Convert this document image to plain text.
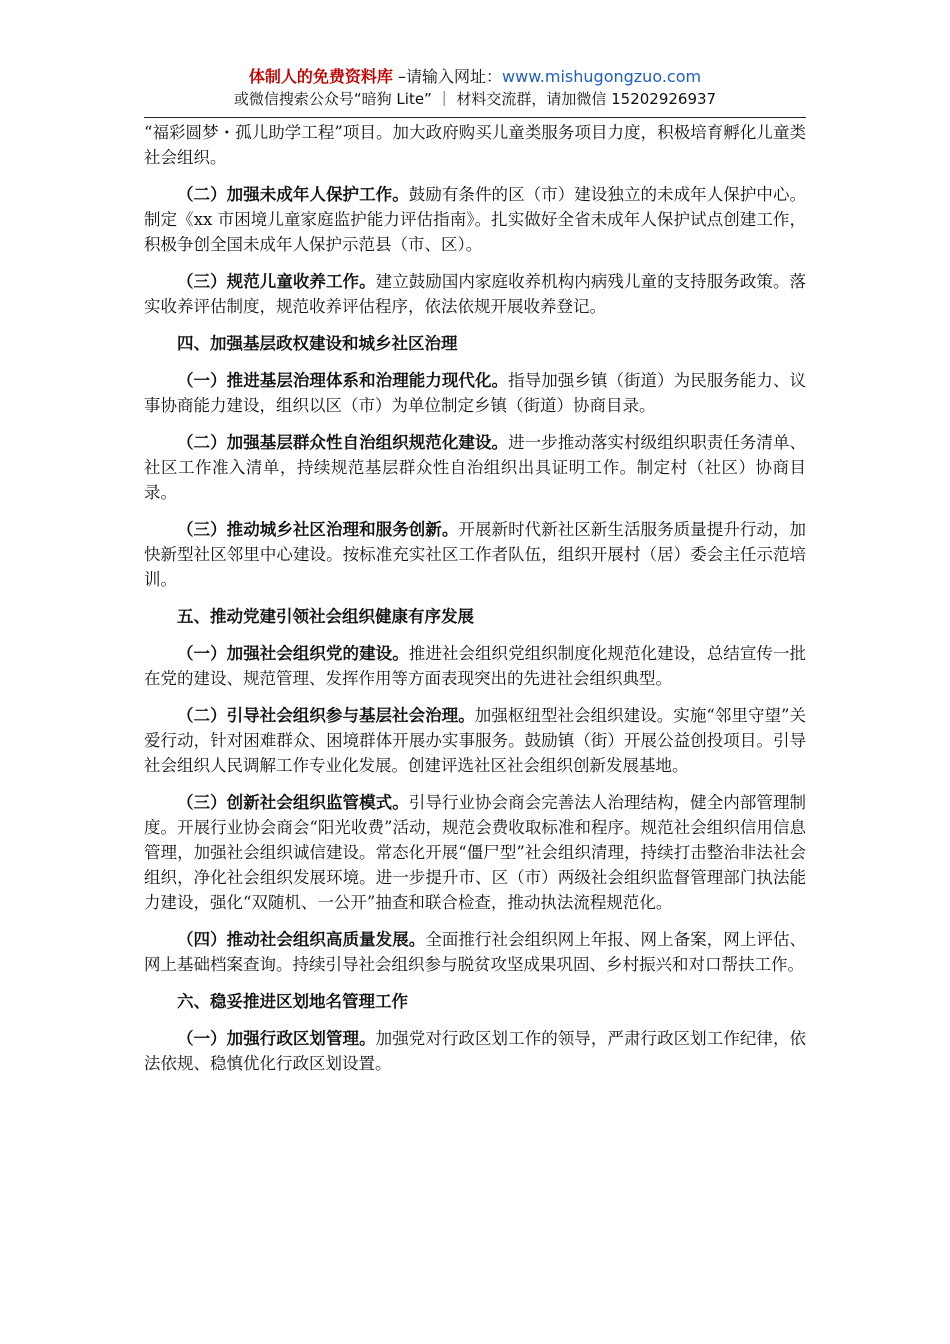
体制人的免费资料库 –请输入网址：www.mishugongzuo.com
或微信搜索公众号“暗狗 Lite” ｜ 材料交流群，请加微信 15202926937

“福彩圆梦・孤儿助学工程”项目。加大政府购买儿童类服务项目力度，积极培育孵化儿童类社会组织。

（二）加强未成年人保护工作。鼓励有条件的区（市）建设独立的未成年人保护中心。制定《xx 市困境儿童家庭监护能力评估指南》。扎实做好全省未成年人保护试点创建工作，积极争创全国未成年人保护示范县（市、区）。

（三）规范儿童收养工作。建立鼓励国内家庭收养机构内病残儿童的支持服务政策。落实收养评估制度，规范收养评估程序，依法依规开展收养登记。

四、加强基层政权建设和城乡社区治理

（一）推进基层治理体系和治理能力现代化。指导加强乡镇（街道）为民服务能力、议事协商能力建设，组织以区（市）为单位制定乡镇（街道）协商目录。

（二）加强基层群众性自治组织规范化建设。进一步推动落实村级组织职责任务清单、社区工作准入清单，持续规范基层群众性自治组织出具证明工作。制定村（社区）协商目录。

（三）推动城乡社区治理和服务创新。开展新时代新社区新生活服务质量提升行动，加快新型社区邻里中心建设。按标准充实社区工作者队伍，组织开展村（居）委会主任示范培训。

五、推动党建引领社会组织健康有序发展

（一）加强社会组织党的建设。推进社会组织党组织制度化规范化建设，总结宣传一批在党的建设、规范管理、发挥作用等方面表现突出的先进社会组织典型。

（二）引导社会组织参与基层社会治理。加强枢纽型社会组织建设。实施“邻里守望”关爱行动，针对困难群众、困境群体开展办实事服务。鼓励镇（街）开展公益创投项目。引导社会组织人民调解工作专业化发展。创建评选社区社会组织创新发展基地。

（三）创新社会组织监管模式。引导行业协会商会完善法人治理结构，健全内部管理制度。开展行业协会商会“阳光收费”活动，规范会费收取标准和程序。规范社会组织信用信息管理，加强社会组织诚信建设。常态化开展“僵尸型”社会组织清理，持续打击整治非法社会组织，净化社会组织发展环境。进一步提升市、区（市）两级社会组织监督管理部门执法能力建设，强化“双随机、一公开”抽查和联合检查，推动执法流程规范化。

（四）推动社会组织高质量发展。全面推行社会组织网上年报、网上备案，网上评估、网上基础档案查询。持续引导社会组织参与脱贫攻坚成果巩固、乡村振兴和对口帮扶工作。

六、稳妥推进区划地名管理工作

（一）加强行政区划管理。加强党对行政区划工作的领导，严肃行政区划工作纪律，依法依规、稳慎优化行政区划设置。
